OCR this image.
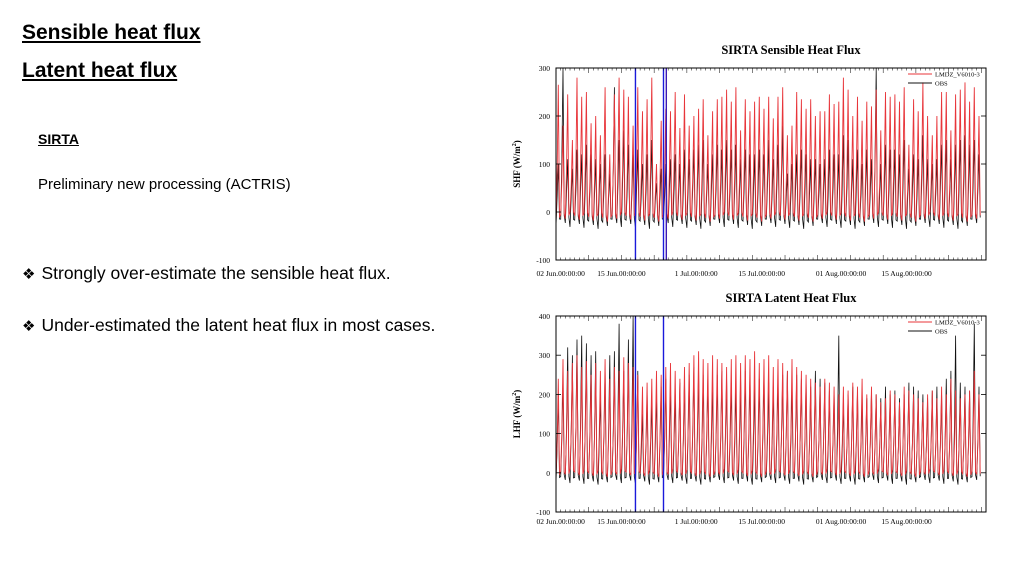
Sensible heat flux
Latent heat flux
SIRTA
Preliminary new processing (ACTRIS)
❖ Strongly over-estimate the sensible heat flux.
❖ Under-estimated the latent heat flux in most cases.
SIRTA Sensible Heat Flux
300
200
100
0
-100
02 Jun.00:00:00 15 Jun.00:00:00	1 Jul.00:00:00	15 Jul.00:00:00	01 Aug.00:00:00 15 Aug.00:00:00
SHF $(W/m^2)$
LMDZ_V6010-3
OBS
SIRTA Latent Heat Flux
400
300
200
100
0
-100
02 Jun.00:00:00 15 Jun.00:00:00	1 Jul.00:00:00	15 Jul.00:00:00	01 Aug.00:00:00 15 Aug.00:00:00
LHF $(W/m^2)$
LMDZ_V6010-3
OBS
